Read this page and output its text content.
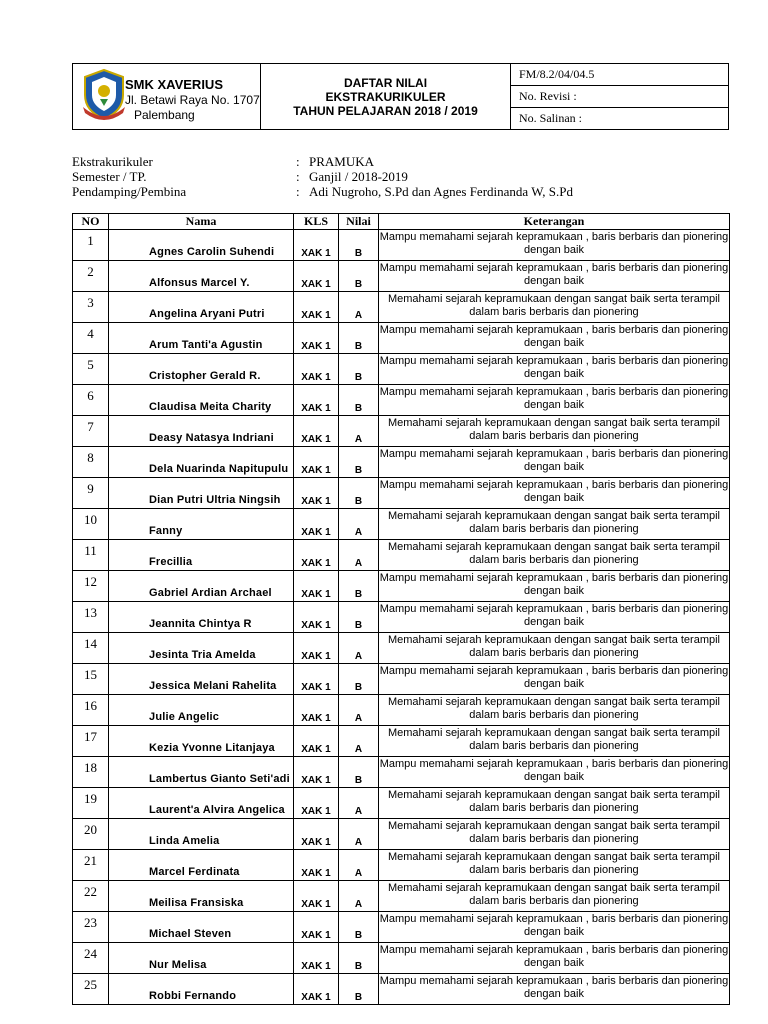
SMK XAVERIUS
Jl. Betawi Raya No. 1707
Palembang

DAFTAR NILAI
EKSTRAKURIKULER
TAHUN PELAJARAN 2018 / 2019
	FM/8.2/04/04.5
No. Revisi :
No. Salinan :
Ekstrakurikuler	: PRAMUKA
Semester / TP.	: Ganjil / 2018-2019
Pendamping/Pembina	: Adi Nugroho, S.Pd dan Agnes Ferdinanda W, S.Pd
NO	Nama	KLS	Nilai	Keterangan
1	Agnes Carolin Suhendi	XAK 1	B	Mampu memahami sejarah kepramukaan , baris berbaris dan pionering
dengan baik

2	Alfonsus Marcel Y.	XAK 1	B	Mampu memahami sejarah kepramukaan , baris berbaris dan pionering
dengan baik

3	Angelina Aryani Putri	XAK 1	A	Memahami sejarah kepramukaan dengan sangat baik serta terampil
dalam baris berbaris dan pionering

4	Arum Tanti'a Agustin	XAK 1	B	Mampu memahami sejarah kepramukaan , baris berbaris dan pionering
dengan baik

5	Cristopher Gerald R.	XAK 1	B	Mampu memahami sejarah kepramukaan , baris berbaris dan pionering
dengan baik

6	Claudisa Meita Charity	XAK 1	B	Mampu memahami sejarah kepramukaan , baris berbaris dan pionering
dengan baik

7	Deasy Natasya Indriani	XAK 1	A	Memahami sejarah kepramukaan dengan sangat baik serta terampil
dalam baris berbaris dan pionering

8	Dela Nuarinda Napitupulu	XAK 1	B	Mampu memahami sejarah kepramukaan , baris berbaris dan pionering
dengan baik

9	Dian Putri Ultria Ningsih	XAK 1	B	Mampu memahami sejarah kepramukaan , baris berbaris dan pionering
dengan baik

10	Fanny	XAK 1	A	Memahami sejarah kepramukaan dengan sangat baik serta terampil
dalam baris berbaris dan pionering

11	Frecillia	XAK 1	A	Memahami sejarah kepramukaan dengan sangat baik serta terampil
dalam baris berbaris dan pionering

12	Gabriel Ardian Archael	XAK 1	B	Mampu memahami sejarah kepramukaan , baris berbaris dan pionering
dengan baik

13	Jeannita Chintya R	XAK 1	B	Mampu memahami sejarah kepramukaan , baris berbaris dan pionering
dengan baik

14	Jesinta Tria Amelda	XAK 1	A	Memahami sejarah kepramukaan dengan sangat baik serta terampil
dalam baris berbaris dan pionering

15	Jessica Melani Rahelita	XAK 1	B	Mampu memahami sejarah kepramukaan , baris berbaris dan pionering
dengan baik

16	Julie Angelic	XAK 1	A	Memahami sejarah kepramukaan dengan sangat baik serta terampil
dalam baris berbaris dan pionering

17	Kezia Yvonne Litanjaya	XAK 1	A	Memahami sejarah kepramukaan dengan sangat baik serta terampil
dalam baris berbaris dan pionering

18	Lambertus Gianto Seti'adi	XAK 1	B	Mampu memahami sejarah kepramukaan , baris berbaris dan pionering
dengan baik

19	Laurent'a Alvira Angelica	XAK 1	A	Memahami sejarah kepramukaan dengan sangat baik serta terampil
dalam baris berbaris dan pionering

20	Linda Amelia	XAK 1	A	Memahami sejarah kepramukaan dengan sangat baik serta terampil
dalam baris berbaris dan pionering

21	Marcel Ferdinata	XAK 1	A	Memahami sejarah kepramukaan dengan sangat baik serta terampil
dalam baris berbaris dan pionering

22	Meilisa Fransiska	XAK 1	A	Memahami sejarah kepramukaan dengan sangat baik serta terampil
dalam baris berbaris dan pionering

23	Michael Steven	XAK 1	B	Mampu memahami sejarah kepramukaan , baris berbaris dan pionering
dengan baik

24	Nur Melisa	XAK 1	B	Mampu memahami sejarah kepramukaan , baris berbaris dan pionering
dengan baik

25	Robbi Fernando	XAK 1	B	Mampu memahami sejarah kepramukaan , baris berbaris dan pionering
dengan baik
